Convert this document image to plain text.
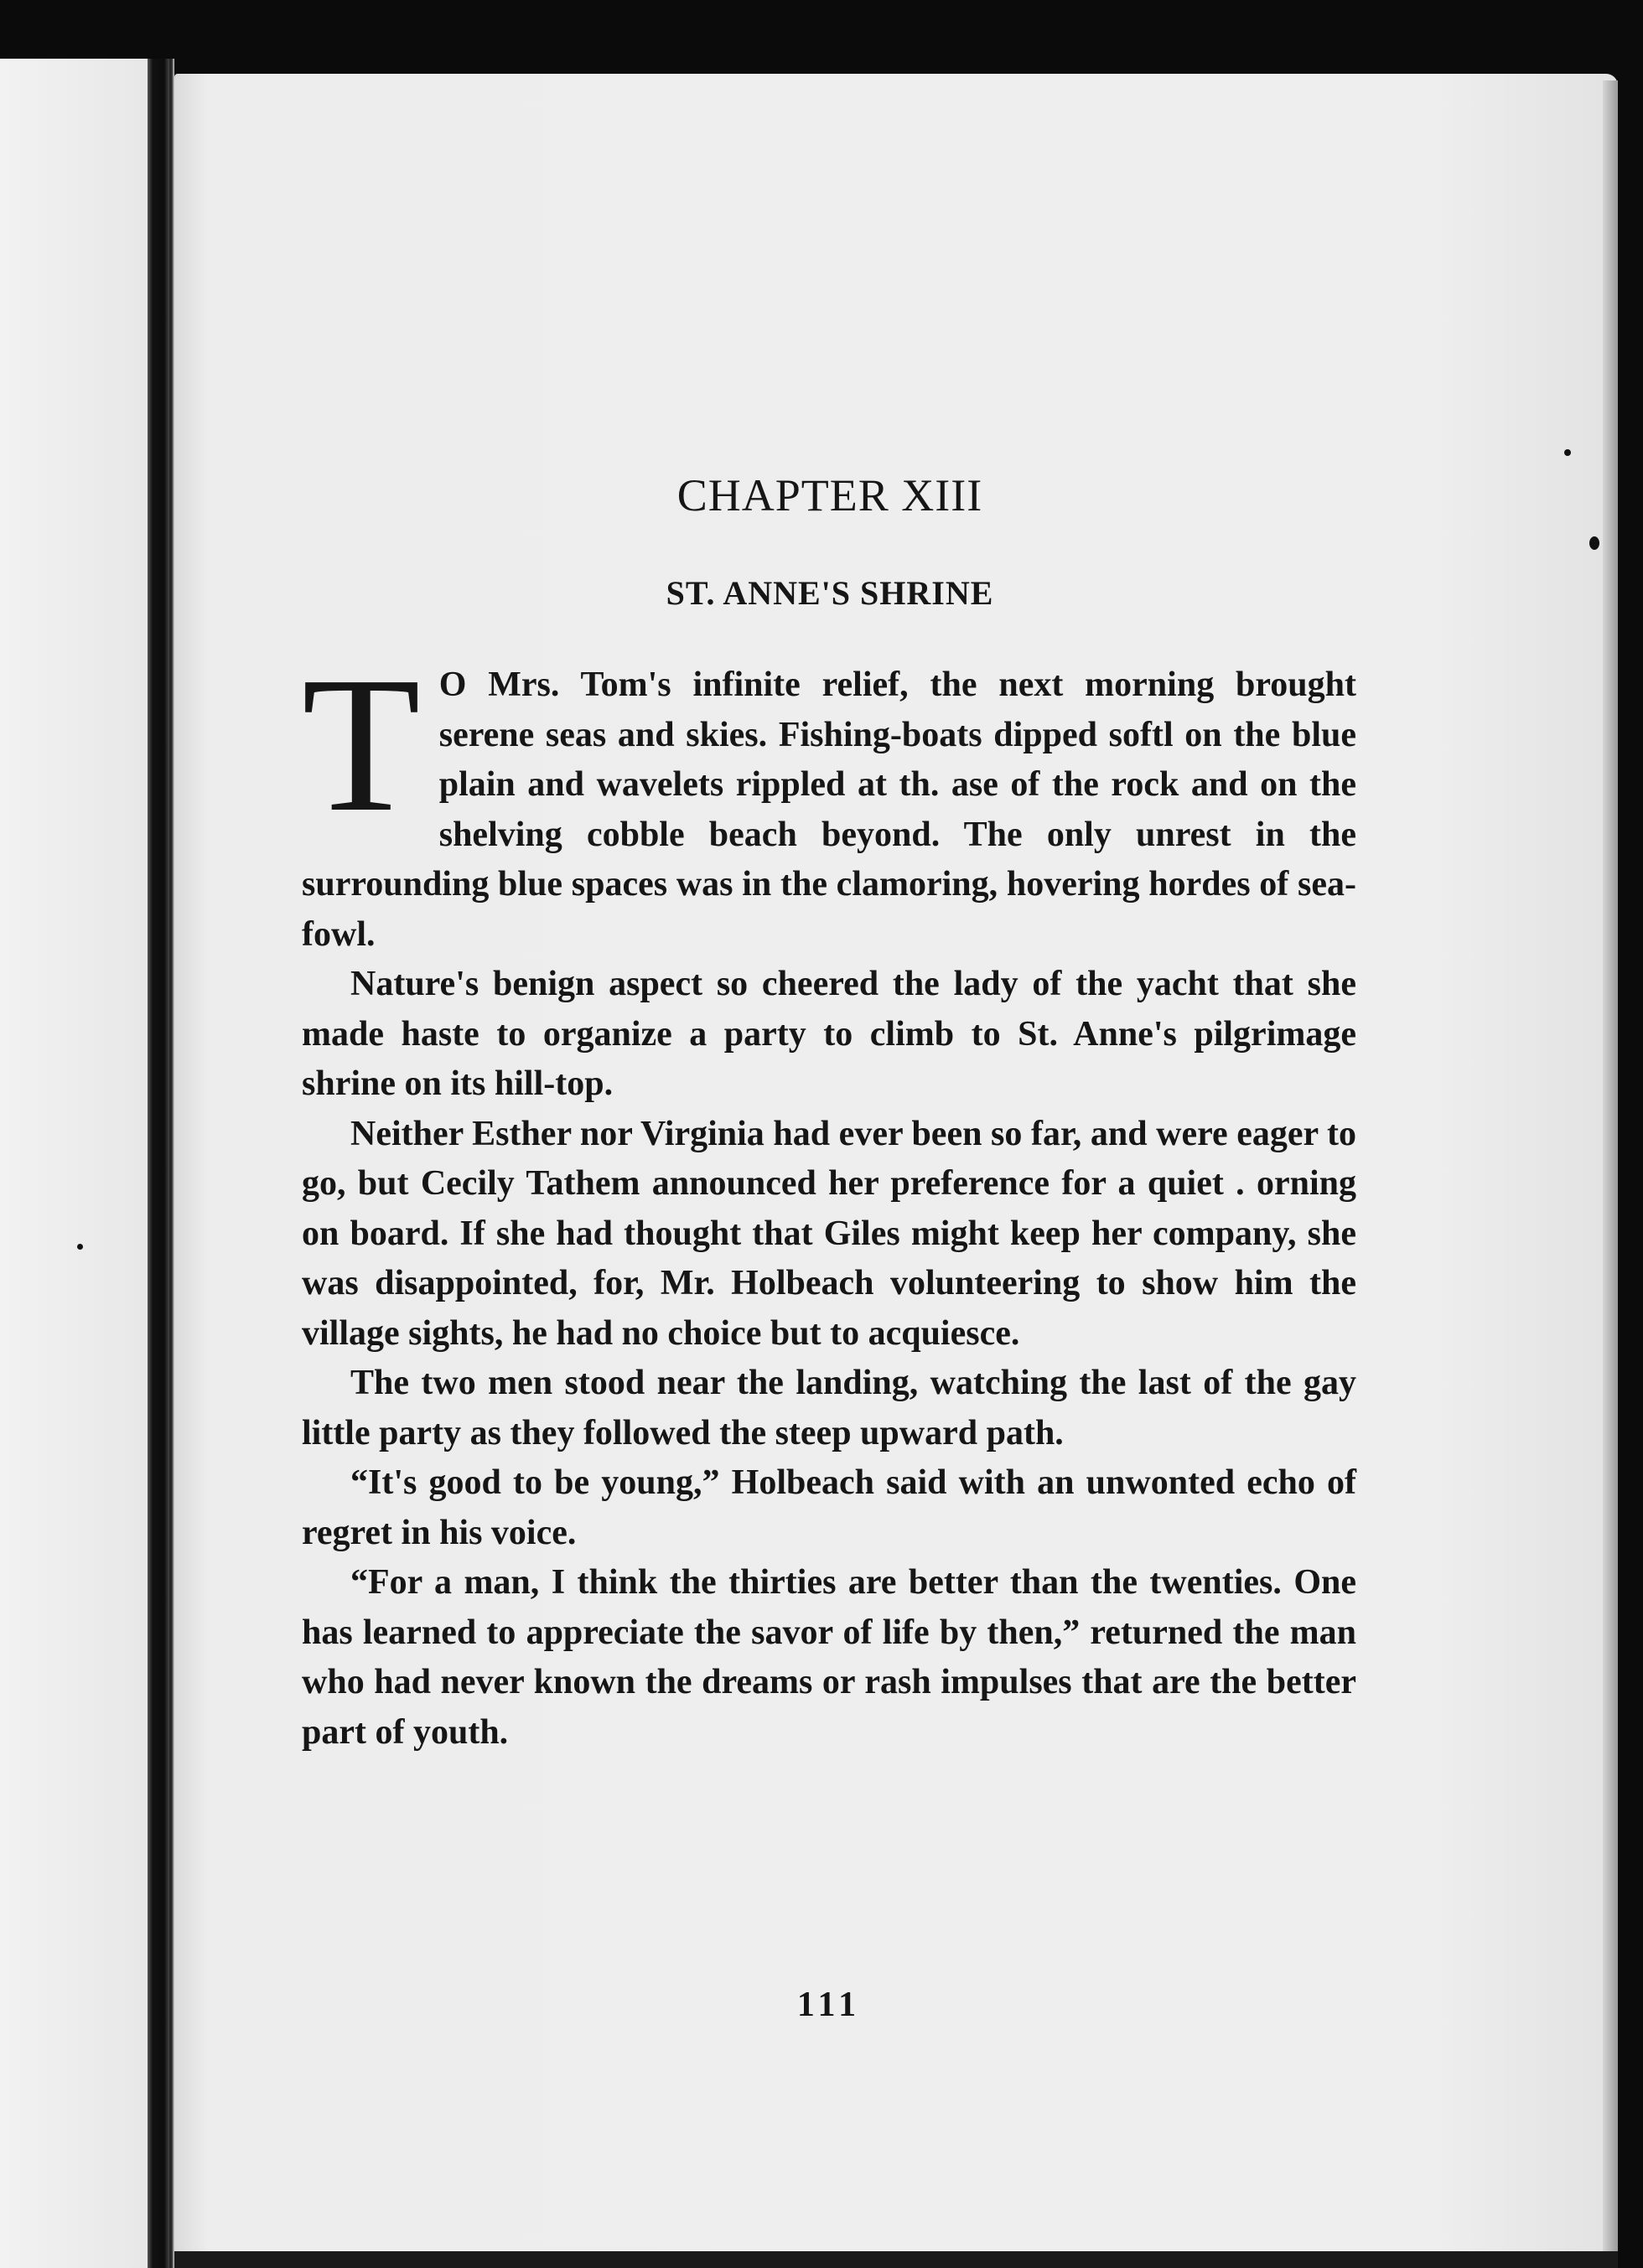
CHAPTER XIII
ST. ANNE'S SHRINE

T O Mrs. Tom's infinite relief, the next morning brought serene seas and skies. Fishing-boats dipped softl on the blue plain and wavelets rippled at th. ase of the rock and on the shelving cobble beach beyond. The only unrest in the surrounding blue spaces was in the clamoring, hovering hordes of sea-fowl.

Nature's benign aspect so cheered the lady of the yacht that she made haste to organize a party to climb to St. Anne's pilgrimage shrine on its hill-top.

Neither Esther nor Virginia had ever been so far, and were eager to go, but Cecily Tathem announced her preference for a quiet . orning on board. If she had thought that Giles might keep her company, she was disappointed, for, Mr. Holbeach volunteering to show him the village sights, he had no choice but to acquiesce.

The two men stood near the landing, watching the last of the gay little party as they followed the steep upward path.

“It's good to be young,” Holbeach said with an unwonted echo of regret in his voice.

“For a man, I think the thirties are better than the twenties. One has learned to appreciate the savor of life by then,” returned the man who had never known the dreams or rash impulses that are the better part of youth.

111
